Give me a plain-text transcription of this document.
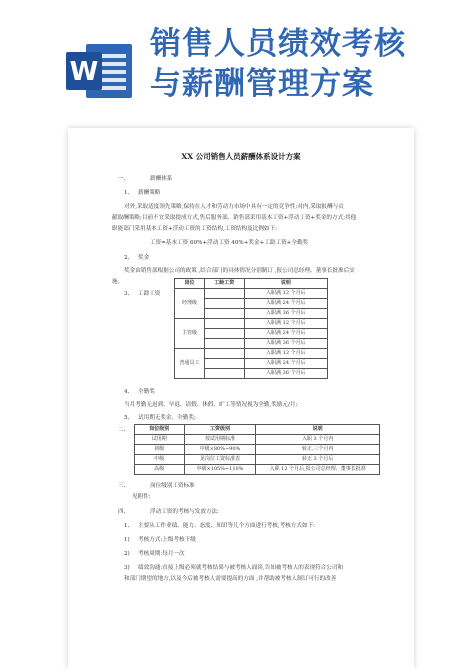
W
销售人员绩效考核
与薪酬管理方案

XX 公司销售人员薪酬体系设计方案
一、	薪酬体系
1、 薪酬策略
对外,采取适度领先策略,保持在人才和劳动力市场中具有一定的竞争性;对内,采取报酬与贡
献取酬策略;目前不宜采取提成方式,售后服务部、销售部采用基本工资+浮动工资+奖金的方式;其他
职能部门采用基本工资+浮动工资的工资结构,工资结构及比例如下:
工资=基本工资 60%+浮动工资 40%+奖金+工龄工资+全勤奖
2、 奖金
奖金由销售部根据公司的政策 ,结合部门的具体情况分别制订 ,报公司总经理、董事长批准后实
施。
3、 工龄工资
岗位	工龄工资	说明
经理级		入职满 12 个月后
		入职满 24 个月后
		入职满 36 个月后
主管级		入职满 12 个月后
		入职满 24 个月后
		入职满 36 个月后
普通员工		入职满 12 个月后
		入职满 24 个月后
		入职满 36 个月后
4、 全勤奖
当月考勤无迟到、早退、请假、休假、旷工等情况视为全勤,奖励元/月;
5、 试用期无奖金、全勤奖;
二、	岗位级别	工资级别	说明
试用期	按试用期标准	入职 3 个月内
初级	中级×80%~90%	转正,三个月内
中级	见岗位工资标准表	转正 3 个月后
高级	中级×105%~110%	入职 12 个月后,报公司总经理、董事长批准
三、	岗位级别工资标准
见附件:
四、	浮动工资的考核与发放方法:
1、 主要从工作业绩、能力、态度、知识等几个方面进行考核,考核方式如下:
1) 考核方式:上级考核下级
2) 考核周期:每月一次
3) 绩效沟通:直接上级必须就考核结果与被考核人面谈,告知被考核人的表现符合公司和
和部门期望的地方,以及今后被考核人需要提高的方面 ,并帮助被考核人制订可行的改善
